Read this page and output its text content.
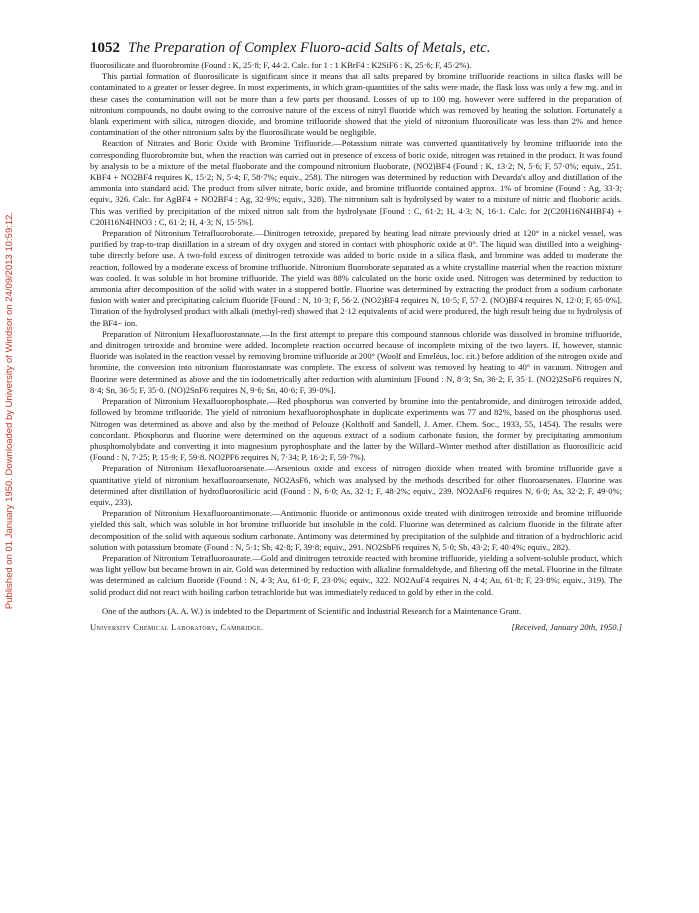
Published on 01 January 1950. Downloaded by University of Windsor on 24/09/2013 10:59:12.
1052 The Preparation of Complex Fluoro-acid Salts of Metals, etc.

fluorosilicate and fluorobromite (Found : K, 25·8; F, 44·2. Calc. for 1 : 1 KBrF4 : K2SiF6 : K, 25·6; F, 45·2%).

This partial formation of fluorosilicate is significant since it means that all salts prepared by bromine trifluoride reactions in silica flasks will be contaminated to a greater or lesser degree. In most experiments, in which gram-quantities of the salts were made, the flask loss was only a few mg. and in these cases the contamination will not be more than a few parts per thousand. Losses of up to 100 mg. however were suffered in the preparation of nitronium compounds, no doubt owing to the corrosive nature of the excess of nitryl fluoride which was removed by heating the solution. Fortunately a blank experiment with silica, nitrogen dioxide, and bromine trifluoride showed that the yield of nitronium fluorosilicate was less than 2% and hence contamination of the other nitronium salts by the fluorosilicate would be negligible.

Reaction of Nitrates and Boric Oxide with Bromine Trifluoride.—Potassium nitrate was converted quantitatively by bromine trifluoride into the corresponding fluorobromite but, when the reaction was carried out in presence of excess of boric oxide, nitrogen was retained in the product. It was found by analysis to be a mixture of the metal fluoborate and the compound nitronium fluoborate, (NO2)BF4 (Found : K, 13·2; N, 5·6; F, 57·0%; equiv., 251. KBF4 + NO2BF4 requires K, 15·2; N, 5·4; F, 58·7%; equiv., 258). The nitrogen was determined by reduction with Devarda's alloy and distillation of the ammonia into standard acid. The product from silver nitrate, boric oxide, and bromine trifluoride contained approx. 1% of bromine (Found : Ag, 33·3; equiv., 326. Calc. for AgBF4 + NO2BF4 : Ag, 32·9%; equiv., 328). The nitronium salt is hydrolysed by water to a mixture of nitric and fluoboric acids. This was verified by precipitation of the mixed nitron salt from the hydrolysate [Found : C, 61·2; H, 4·3; N, 16·1. Calc. for 2(C20H16N4HBF4) + C20H16N4HNO3 : C, 61·2; H, 4·3; N, 15·5%].

Preparation of Nitronium Tetrafluoroborate.—Dinitrogen tetroxide, prepared by heating lead nitrate previously dried at 120° in a nickel vessel, was purified by trap-to-trap distillation in a stream of dry oxygen and stored in contact with phosphoric oxide at 0°. The liquid was distilled into a weighing-tube directly before use. A two-fold excess of dinitrogen tetroxide was added to boric oxide in a silica flask, and bromine was added to moderate the reaction, followed by a moderate excess of bromine trifluoride. Nitronium fluoroborate separated as a white crystalline material when the reaction mixture was cooled. It was soluble in hot bromine trifluoride. The yield was 88% calculated on the boric oxide used. Nitrogen was determined by reduction to ammonia after decomposition of the solid with water in a stoppered bottle. Fluorine was determined by extracting the product from a sodium carbonate fusion with water and precipitating calcium fluoride [Found : N, 10·3; F, 56·2. (NO2)BF4 requires N, 10·5; F, 57·2. (NO)BF4 requires N, 12·0; F, 65·0%]. Titration of the hydrolysed product with alkali (methyl-red) showed that 2·12 equivalents of acid were produced, the high result being due to hydrolysis of the BF4− ion.

Preparation of Nitronium Hexafluorostannate.—In the first attempt to prepare this compound stannous chloride was dissolved in bromine trifluoride, and dinitrogen tetroxide and bromine were added. Incomplete reaction occurred because of incomplete mixing of the two layers. If, however, stannic fluoride was isolated in the reaction vessel by removing bromine trifluoride at 200° (Woolf and Emeléus, loc. cit.) before addition of the nitrogen oxide and bromine, the conversion into nitronium fluorostannate was complete. The excess of solvent was removed by heating to 40° in vacuum. Nitrogen and fluorine were determined as above and the tin iodometrically after reduction with aluminium [Found : N, 8·3; Sn, 36·2; F, 35·1. (NO2)2SnF6 requires N, 8·4; Sn, 36·5; F, 35·0. (NO)2SnF6 requires N, 9·6; Sn, 40·6; F, 39·0%].

Preparation of Nitronium Hexafluorophosphate.—Red phosphorus was converted by bromine into the pentabromide, and dinitrogen tetroxide added, followed by bromine trifluoride. The yield of nitronium hexafluorophosphate in duplicate experiments was 77 and 82%, based on the phosphorus used. Nitrogen was determined as above and also by the method of Pelouze (Kolthoff and Sandell, J. Amer. Chem. Soc., 1933, 55, 1454). The results were concordant. Phosphorus and fluorine were determined on the aqueous extract of a sodium carbonate fusion, the former by precipitating ammonium phosphomolybdate and converting it into magnesium pyrophosphate and the latter by the Willard–Winter method after distillation as fluorosilicic acid (Found : N, 7·25; P, 15·9; F, 59·8. NO2PF6 requires N, 7·34; P, 16·2; F, 59·7%).

Preparation of Nitronium Hexafluoroarsenate.—Arsenious oxide and excess of nitrogen dioxide when treated with bromine trifluoride gave a quantitative yield of nitronium hexafluoroarsenate, NO2AsF6, which was analysed by the methods described for other fluoroarsenates. Fluorine was determined after distillation of hydrofluorosilicic acid (Found : N, 6·0; As, 32·1; F, 48·2%; equiv., 239. NO2AsF6 requires N, 6·0; As, 32·2; F, 49·0%; equiv., 233).

Preparation of Nitronium Hexafluoroantimonate.—Antimonic fluoride or antimonous oxide treated with dinitrogen tetroxide and bromine trifluoride yielded this salt, which was soluble in hot bromine trifluoride but insoluble in the cold. Fluorine was determined as calcium fluoride in the filtrate after decomposition of the solid with aqueous sodium carbonate. Antimony was determined by precipitation of the sulphide and titration of a hydrochloric acid solution with potassium bromate (Found : N, 5·1; Sb, 42·8; F, 39·8; equiv., 291. NO2SbF6 requires N, 5·0; Sb, 43·2; F, 40·4%; equiv., 282).

Preparation of Nitronium Tetrafluoroaurate.—Gold and dinitrogen tetroxide reacted with bromine trifluoride, yielding a solvent-soluble product, which was light yellow but became brown in air. Gold was determined by reduction with alkaline formaldehyde, and filtering off the metal. Fluorine in the filtrate was determined as calcium fluoride (Found : N, 4·3; Au, 61·0; F, 23·0%; equiv., 322. NO2AuF4 requires N, 4·4; Au, 61·8; F, 23·8%; equiv., 319). The solid product did not react with boiling carbon tetrachloride but was immediately reduced to gold by ether in the cold.

One of the authors (A. A. W.) is indebted to the Department of Scientific and Industrial Research for a Maintenance Grant.

University Chemical Laboratory, Cambridge.	[Received, January 20th, 1950.]
